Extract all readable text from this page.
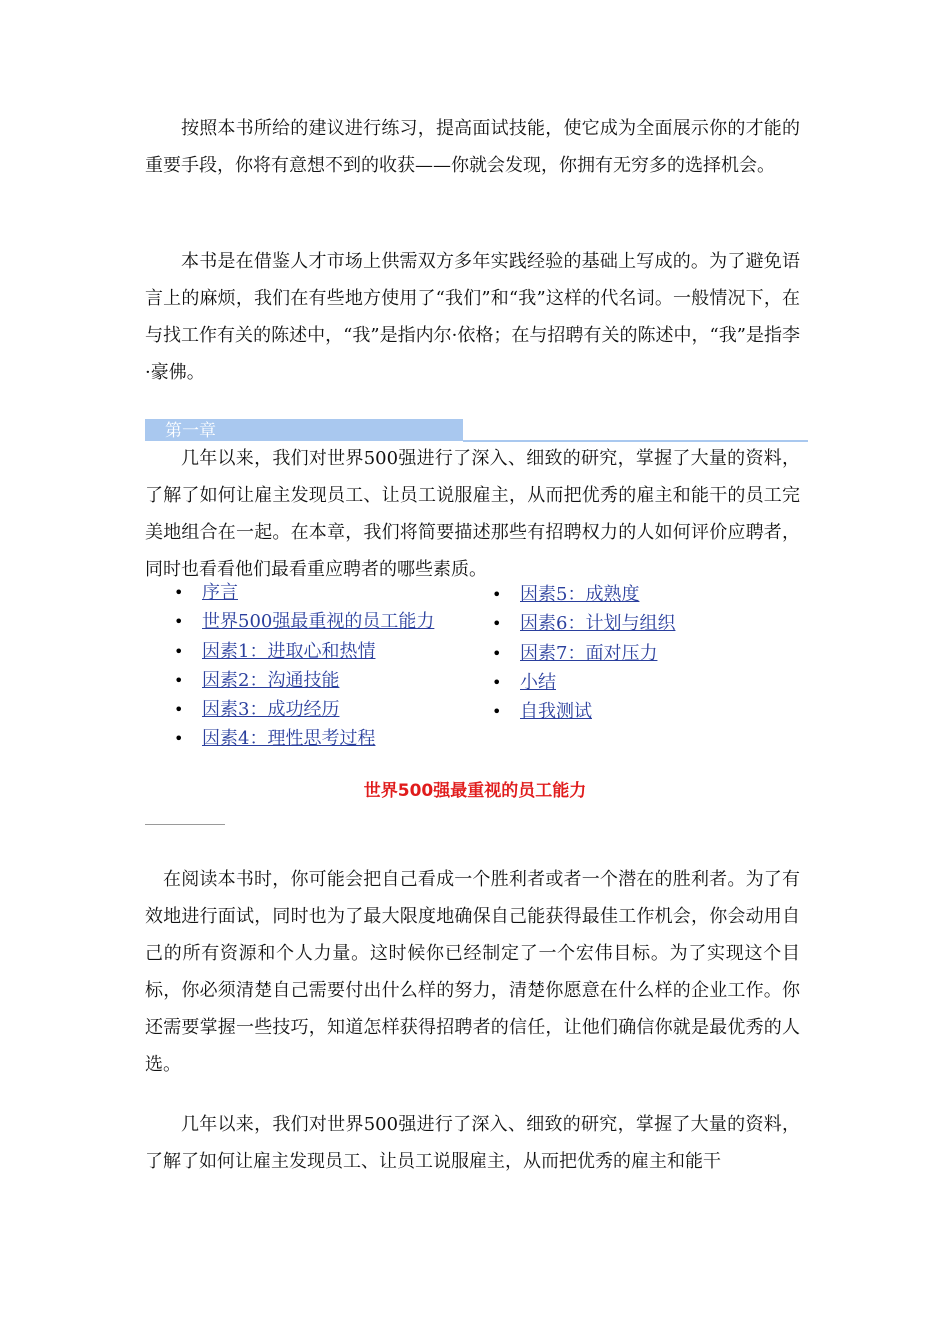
按照本书所给的建议进行练习，提高面试技能，使它成为全面展示你的才能的重要手段，你将有意想不到的收获——你就会发现，你拥有无穷多的选择机会。

本书是在借鉴人才市场上供需双方多年实践经验的基础上写成的。为了避免语言上的麻烦，我们在有些地方使用了“我们”和“我”这样的代名词。一般情况下，在与找工作有关的陈述中，“我”是指内尔·依格；在与招聘有关的陈述中，“我”是指李·豪佛。

第一章

几年以来，我们对世界500强进行了深入、细致的研究，掌握了大量的资料，了解了如何让雇主发现员工、让员工说服雇主，从而把优秀的雇主和能干的员工完美地组合在一起。在本章，我们将简要描述那些有招聘权力的人如何评价应聘者，同时也看看他们最看重应聘者的哪些素质。

• 序言
• 世界500强最重视的员工能力
• 因素1：进取心和热情
• 因素2：沟通技能
• 因素3：成功经历
• 因素4：理性思考过程
• 因素5：成熟度
• 因素6：计划与组织
• 因素7：面对压力
• 小结
• 自我测试
世界500强最重视的员工能力

在阅读本书时，你可能会把自己看成一个胜利者或者一个潜在的胜利者。为了有效地进行面试，同时也为了最大限度地确保自己能获得最佳工作机会，你会动用自己的所有资源和个人力量。这时候你已经制定了一个宏伟目标。为了实现这个目标，你必须清楚自己需要付出什么样的努力，清楚你愿意在什么样的企业工作。你还需要掌握一些技巧，知道怎样获得招聘者的信任，让他们确信你就是最优秀的人选。

几年以来，我们对世界500强进行了深入、细致的研究，掌握了大量的资料，了解了如何让雇主发现员工、让员工说服雇主，从而把优秀的雇主和能干
